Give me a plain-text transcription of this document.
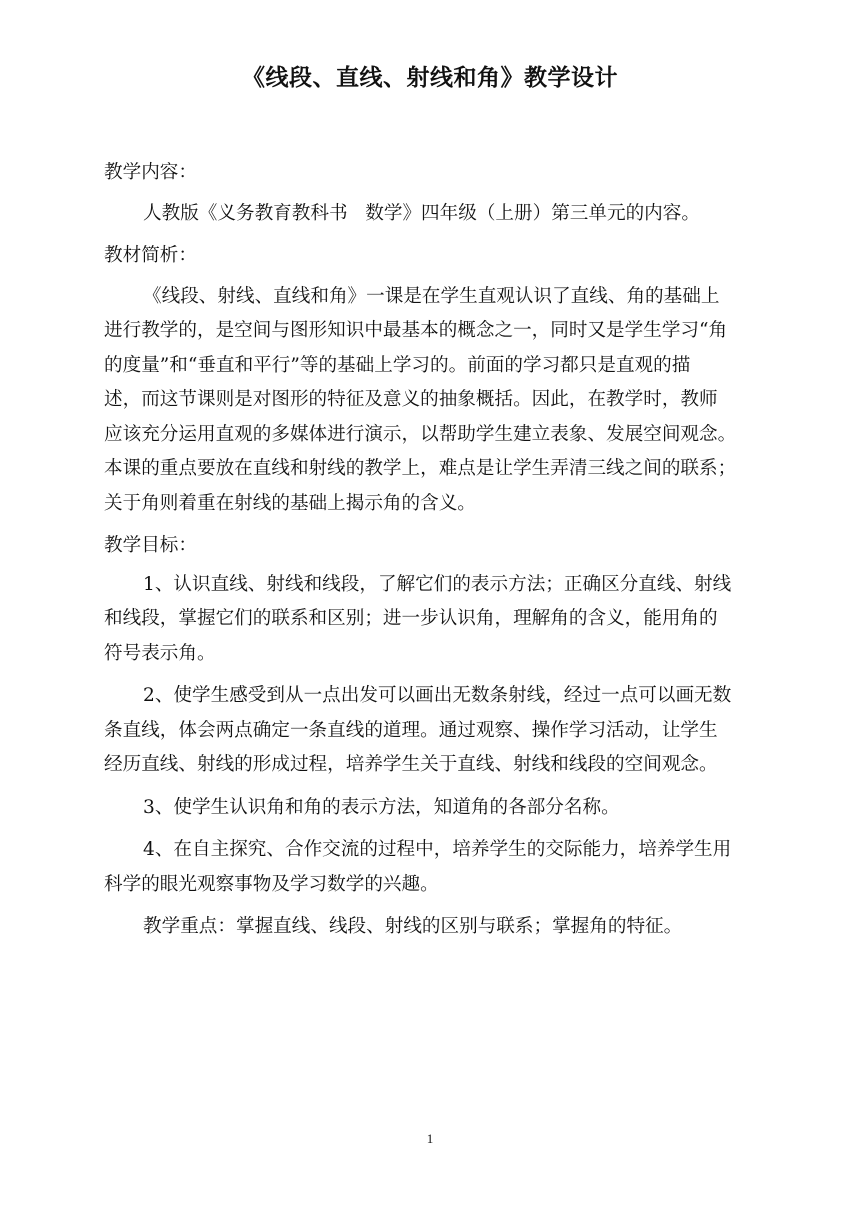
《线段、直线、射线和角》教学设计

教学内容：

人教版《义务教育教科书   数学》四年级（上册）第三单元的内容。

教材简析：

《线段、射线、直线和角》一课是在学生直观认识了直线、角的基础上

进行教学的，是空间与图形知识中最基本的概念之一，同时又是学生学习“角

的度量”和“垂直和平行”等的基础上学习的。前面的学习都只是直观的描

述，而这节课则是对图形的特征及意义的抽象概括。因此，在教学时，教师

应该充分运用直观的多媒体进行演示，以帮助学生建立表象、发展空间观念。

本课的重点要放在直线和射线的教学上，难点是让学生弄清三线之间的联系；

关于角则着重在射线的基础上揭示角的含义。

教学目标：

1、认识直线、射线和线段，了解它们的表示方法；正确区分直线、射线

和线段，掌握它们的联系和区别；进一步认识角，理解角的含义，能用角的

符号表示角。

2、使学生感受到从一点出发可以画出无数条射线，经过一点可以画无数

条直线，体会两点确定一条直线的道理。通过观察、操作学习活动，让学生

经历直线、射线的形成过程，培养学生关于直线、射线和线段的空间观念。

3、使学生认识角和角的表示方法，知道角的各部分名称。

4、在自主探究、合作交流的过程中，培养学生的交际能力，培养学生用

科学的眼光观察事物及学习数学的兴趣。

教学重点：掌握直线、线段、射线的区别与联系；掌握角的特征。

1
